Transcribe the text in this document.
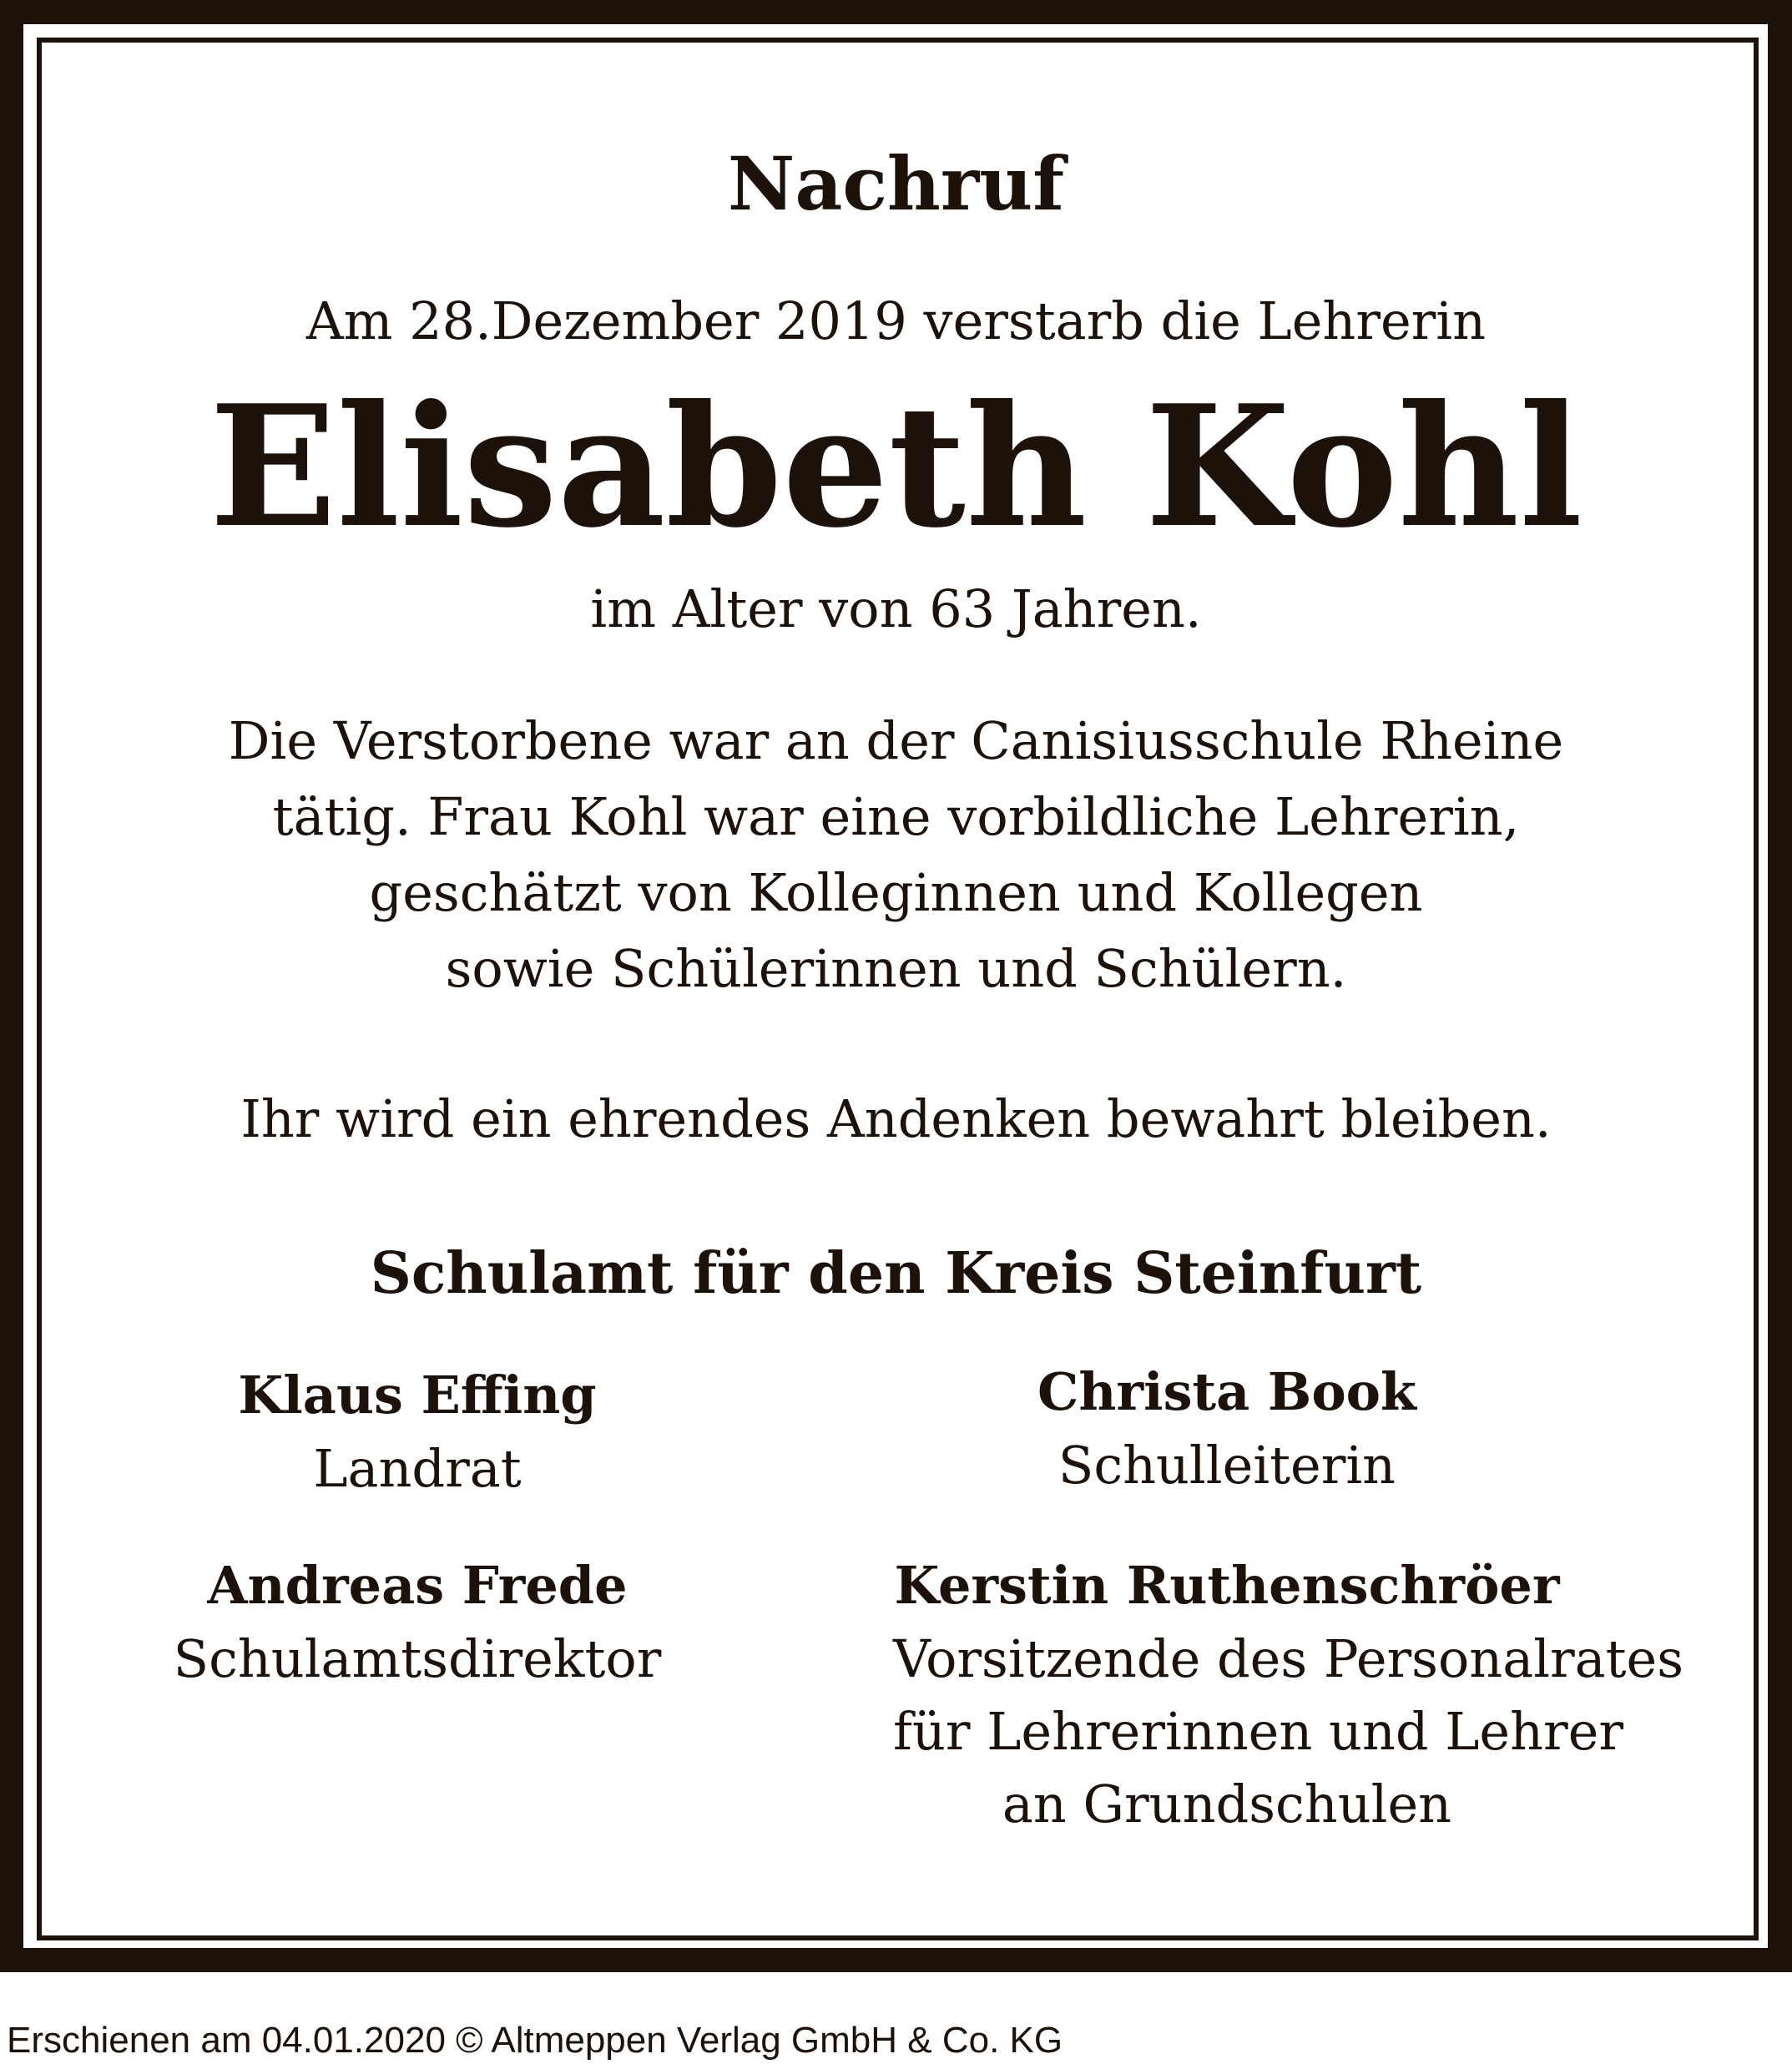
Nachruf
Am 28.Dezember 2019 verstarb die Lehrerin
Elisabeth Kohl
im Alter von 63 Jahren.
Die Verstorbene war an der Canisiusschule Rheine
tätig. Frau Kohl war eine vorbildliche Lehrerin,
geschätzt von Kolleginnen und Kollegen
sowie Schülerinnen und Schülern.
Ihr wird ein ehrendes Andenken bewahrt bleiben.
Schulamt für den Kreis Steinfurt
Klaus Effing
Landrat
Christa Book
Schulleiterin
Andreas Frede
Schulamtsdirektor
Kerstin Ruthenschröer
Vorsitzende des Personalrates
für Lehrerinnen und Lehrer
an Grundschulen
Erschienen am 04.01.2020 © Altmeppen Verlag GmbH & Co. KG
